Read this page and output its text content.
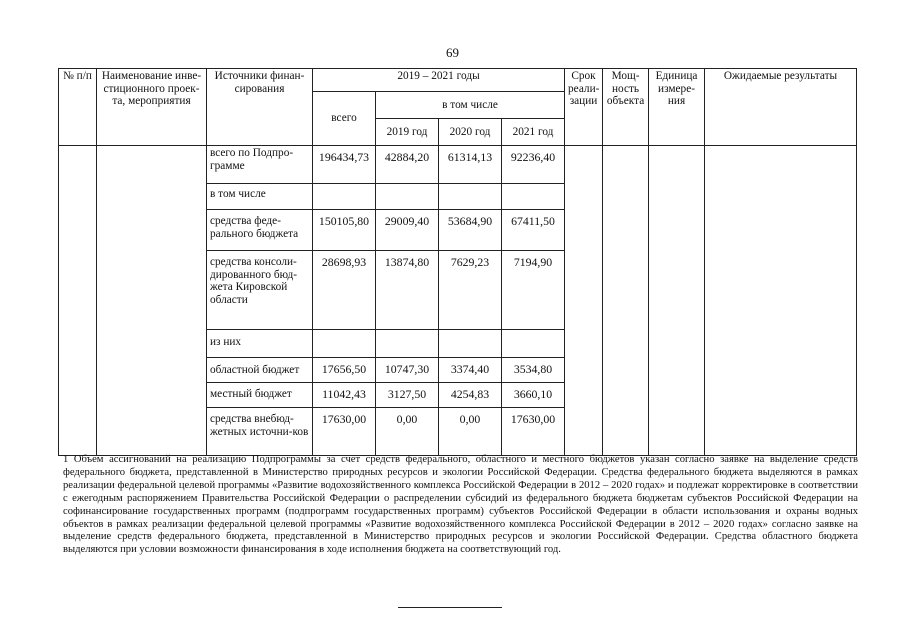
69
№ п/п	Наименование инве-стиционного проек-та, мероприятия	Источники финан-сирования	2019 – 2021 годы				Срок реали-зации	Мощ-ность объекта	Единица измере-ния	Ожидаемые результаты
			всего	в том числе						
				2019 год	2020 год	2021 год				
		всего по Подпро-грамме	196434,73	42884,20	61314,13	92236,40				
		в том числе								
		средства феде-рального бюджета	150105,80	29009,40	53684,90	67411,50				
		средства консоли-дированного бюд-жета Кировской области	28698,93	13874,80	7629,23	7194,90				
		из них								
		областной бюджет	17656,50	10747,30	3374,40	3534,80				
		местный бюджет	11042,43	3127,50	4254,83	3660,10				
		средства внебюд-жетных источни-ков	17630,00	0,00	0,00	17630,00				

1 Объем ассигнований на реализацию Подпрограммы за счет средств федерального, областного и местного бюджетов указан согласно заявке на выделение средств федерального бюджета, представленной в Министерство природных ресурсов и экологии Российской Федерации. Средства федерального бюджета выделяются в рамках реализации федеральной целевой программы «Развитие водохозяйственного комплекса Российской Федерации в 2012 – 2020 годах» и подлежат корректировке в соответствии с ежегодным распоряжением Правительства Российской Федерации о распределении субсидий из федерального бюджета бюджетам субъектов Российской Федерации на софинансирование государственных программ (подпрограмм государственных программ) субъектов Российской Федерации в области использования и охраны водных объектов в рамках реализации федеральной целевой программы «Развитие водохозяйственного комплекса Российской Федерации в 2012 – 2020 годах» согласно заявке на выделение средств федерального бюджета, представленной в Министерство природных ресурсов и экологии Российской Федерации. Средства областного бюджета выделяются при условии возможности финансирования в ходе исполнения бюджета на соответствующий год.
